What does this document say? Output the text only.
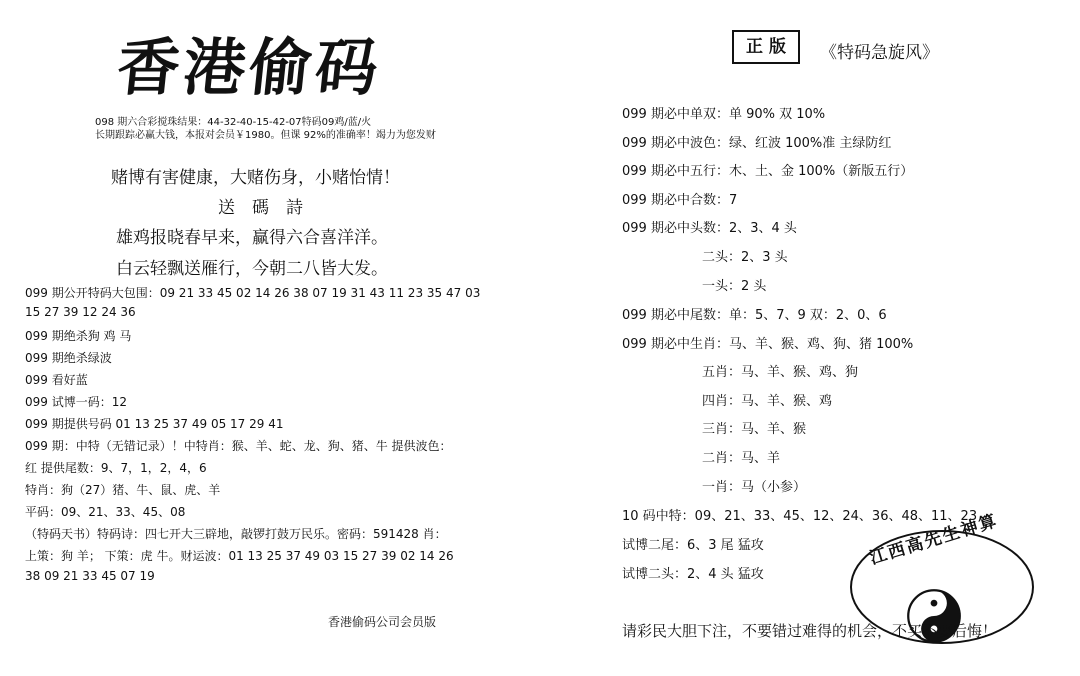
香港偷码
098 期六合彩搅珠结果：44-32-40-15-42-07特码09鸡/蓝/火
长期跟踪必赢大钱，本报对会员￥1980。但课 92%的准确率！竭力为您发财
赌博有害健康，大赌伤身，小赌怡情！
送　碼　詩
雄鸡报晓春早来，赢得六合喜洋洋。
白云轻飘送雁行，今朝二八皆大发。
099 期公开特码大包围：09 21 33 45 02 14 26 38 07 19 31 43 11 23 35 47 03
15 27 39 12 24 36
099 期绝杀狗 鸡 马
099 期绝杀绿波
099 看好蓝
099 试博一码：12
099 期提供号码 01 13 25 37 49 05 17 29 41
099 期：中特（无错记录）！中特肖：猴、羊、蛇、龙、狗、猪、牛 提供波色：
红 提供尾数：9、7，1，2，4，6
特肖：狗（27）猪、牛、鼠、虎、羊
平码：09、21、33、45、08
（特码天书）特码诗：四七开大三辟地，敲锣打鼓万民乐。密码：591428 肖：
上策：狗 羊； 下策：虎 牛。财运波：01 13 25 37 49 03 15 27 39 02 14 26
38 09 21 33 45 07 19
香港偷码公司会员版
正 版	《特码急旋风》
099 期必中单双：单 90% 双 10%
099 期必中波色：绿、红波 100%准 主绿防红
099 期必中五行：木、土、金 100%（新版五行）
099 期必中合数：7
099 期必中头数：2、3、4 头
二头：2、3 头
一头：2 头
099 期必中尾数：单：5、7、9 双：2、0、6
099 期必中生肖：马、羊、猴、鸡、狗、猪 100%
五肖：马、羊、猴、鸡、狗
四肖：马、羊、猴、鸡
三肖：马、羊、猴
二肖：马、羊
一肖：马（小参）
10 码中特：09、21、33、45、12、24、36、48、11、23
试博二尾：6、3 尾 猛攻
试博二头：2、4 头 猛攻
江西高先生神算
请彩民大胆下注，不要错过难得的机会，不买不要后悔！
